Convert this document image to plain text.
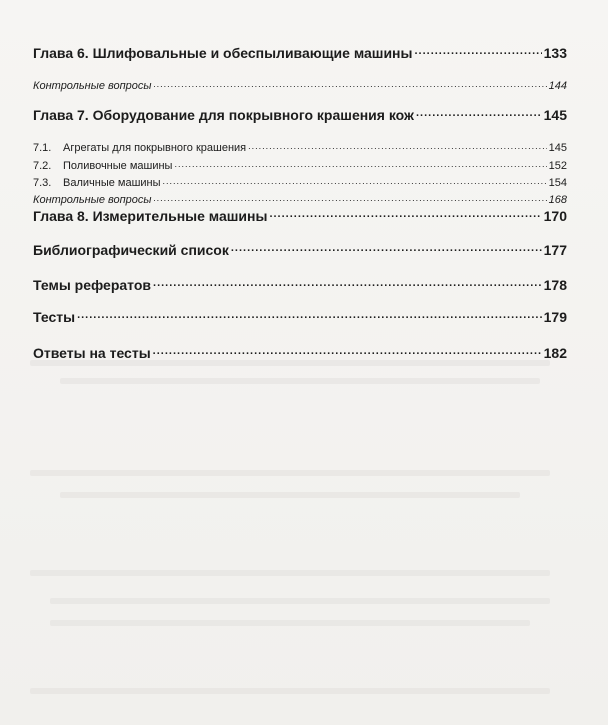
Глава 6. Шлифовальные и обеспыливающие машины .....	133
Контрольные вопросы .....	144
Глава 7. Оборудование для покрывного крашения кож .....	145
7.1.	Агрегаты для покрывного крашения .....	145
7.2.	Поливочные машины .....	152
7.3.	Валичные машины .....	154
Контрольные вопросы .....	168
Глава 8. Измерительные машины .....	170
Библиографический список .....	177
Темы рефератов .....	178
Тесты .....	179
Ответы на тесты .....	182
